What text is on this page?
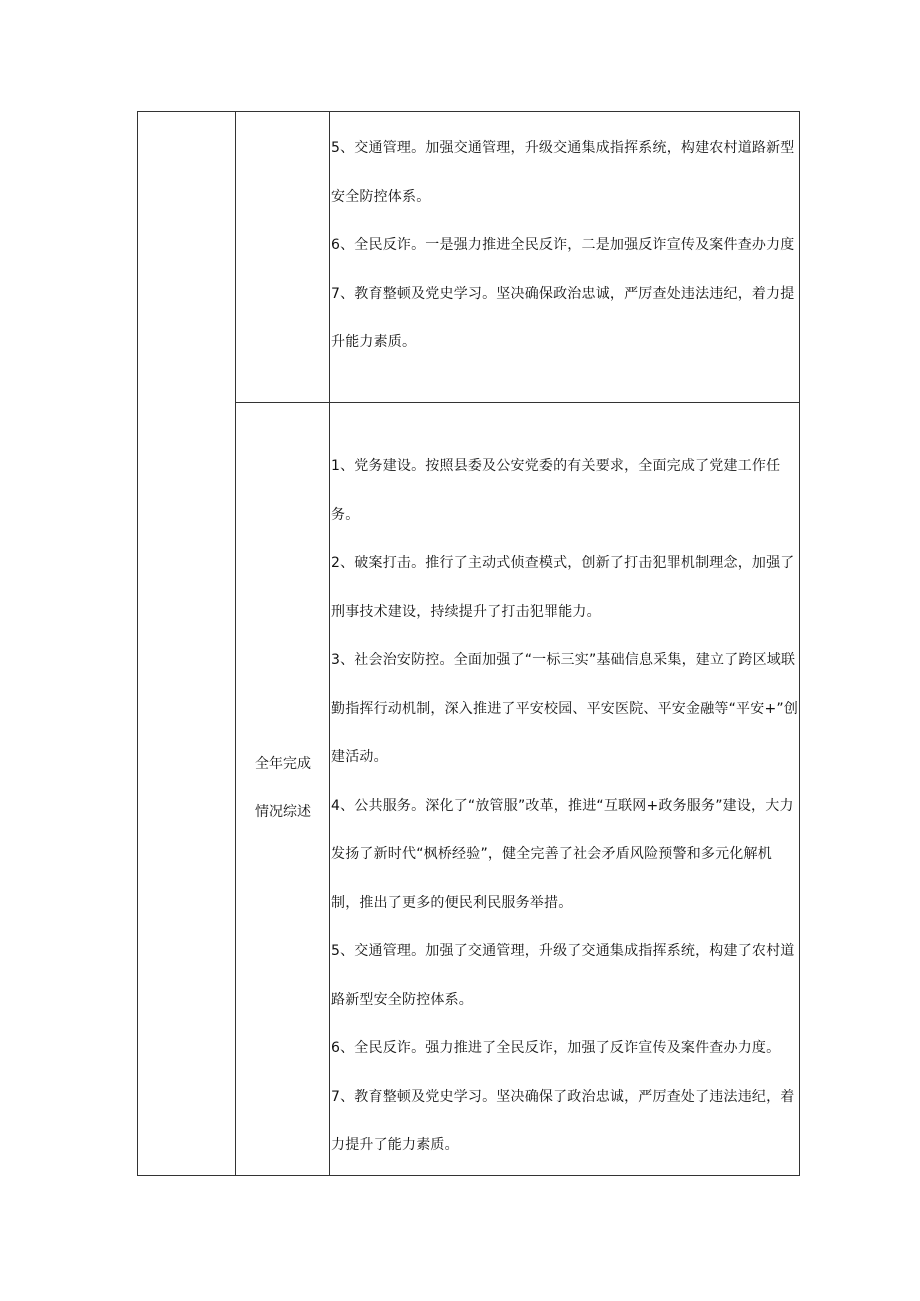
5、交通管理。加强交通管理，升级交通集成指挥系统，构建农村道路新型安全防控体系。

6、全民反诈。一是强力推进全民反诈，二是加强反诈宣传及案件查办力度

7、教育整顿及党史学习。坚决确保政治忠诚，严厉查处违法违纪，着力提升能力素质。

全年完成
情况综述

1、党务建设。按照县委及公安党委的有关要求，全面完成了党建工作任务。

2、破案打击。推行了主动式侦查模式，创新了打击犯罪机制理念，加强了刑事技术建设，持续提升了打击犯罪能力。

3、社会治安防控。全面加强了“一标三实”基础信息采集，建立了跨区域联勤指挥行动机制，深入推进了平安校园、平安医院、平安金融等“平安+”创建活动。

4、公共服务。深化了“放管服”改革，推进“互联网+政务服务”建设，大力发扬了新时代“枫桥经验”，健全完善了社会矛盾风险预警和多元化解机制，推出了更多的便民利民服务举措。

5、交通管理。加强了交通管理，升级了交通集成指挥系统，构建了农村道路新型安全防控体系。

6、全民反诈。强力推进了全民反诈，加强了反诈宣传及案件查办力度。

7、教育整顿及党史学习。坚决确保了政治忠诚，严厉查处了违法违纪，着力提升了能力素质。
